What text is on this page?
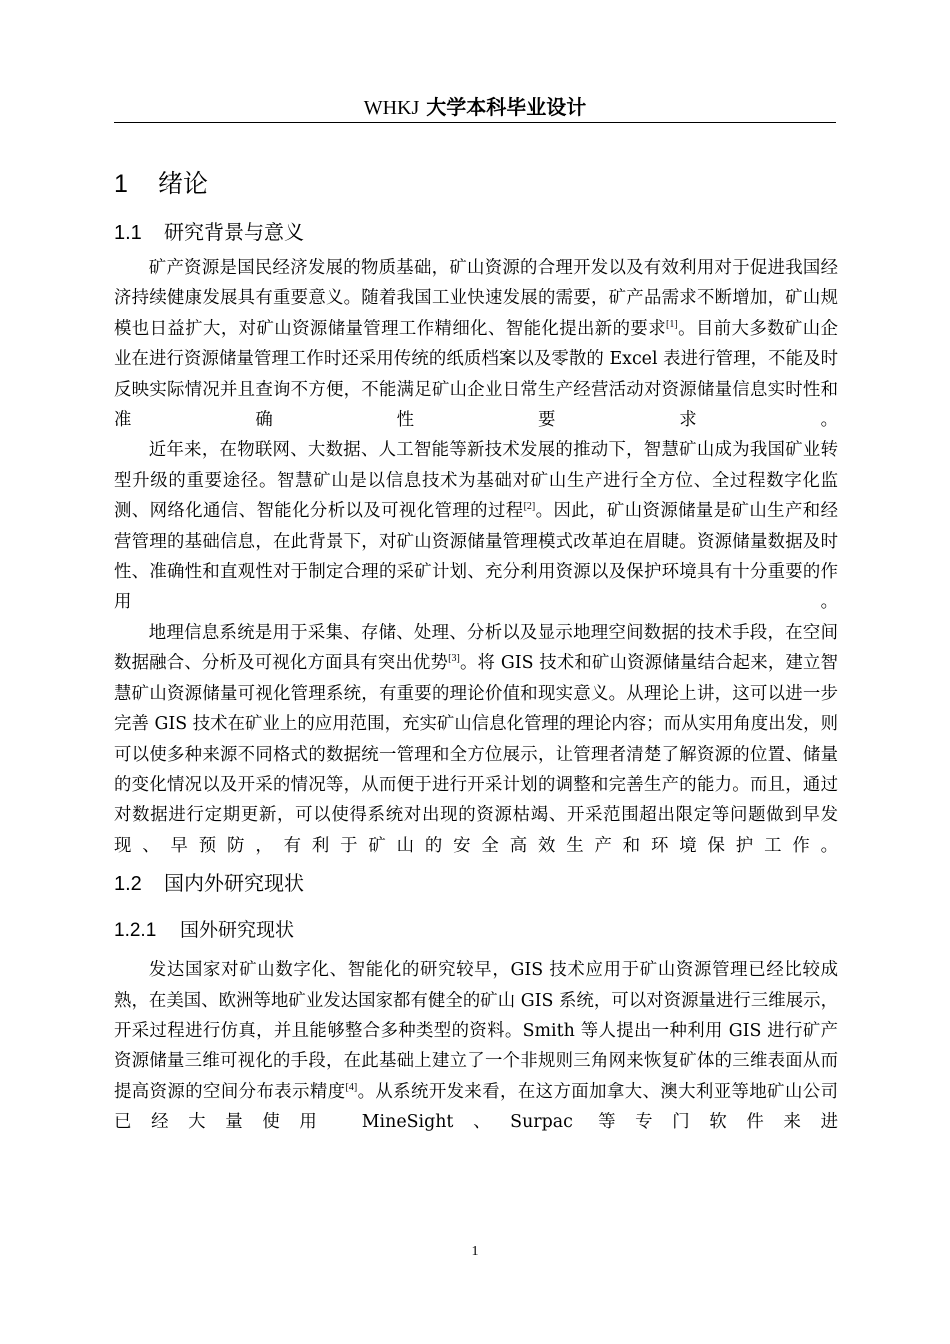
WHKJ 大学本科毕业设计
1 绪论
1.1 研究背景与意义

矿产资源是国民经济发展的物质基础，矿山资源的合理开发以及有效利用对于促进我国经济持续健康发展具有重要意义。随着我国工业快速发展的需要，矿产品需求不断增加，矿山规模也日益扩大，对矿山资源储量管理工作精细化、智能化提出新的要求[1]。目前大多数矿山企业在进行资源储量管理工作时还采用传统的纸质档案以及零散的 Excel 表进行管理，不能及时反映实际情况并且查询不方便，不能满足矿山企业日常生产经营活动对资源储量信息实时性和准确性要求。

近年来，在物联网、大数据、人工智能等新技术发展的推动下，智慧矿山成为我国矿业转型升级的重要途径。智慧矿山是以信息技术为基础对矿山生产进行全方位、全过程数字化监测、网络化通信、智能化分析以及可视化管理的过程[2]。因此，矿山资源储量是矿山生产和经营管理的基础信息，在此背景下，对矿山资源储量管理模式改革迫在眉睫。资源储量数据及时性、准确性和直观性对于制定合理的采矿计划、充分利用资源以及保护环境具有十分重要的作用。

地理信息系统是用于采集、存储、处理、分析以及显示地理空间数据的技术手段，在空间数据融合、分析及可视化方面具有突出优势[3]。将 GIS 技术和矿山资源储量结合起来，建立智慧矿山资源储量可视化管理系统，有重要的理论价值和现实意义。从理论上讲，这可以进一步完善 GIS 技术在矿业上的应用范围，充实矿山信息化管理的理论内容；而从实用角度出发，则可以使多种来源不同格式的数据统一管理和全方位展示，让管理者清楚了解资源的位置、储量的变化情况以及开采的情况等，从而便于进行开采计划的调整和完善生产的能力。而且，通过对数据进行定期更新，可以使得系统对出现的资源枯竭、开采范围超出限定等问题做到早发现、早预防，有利于矿山的安全高效生产和环境保护工作。

1.2 国内外研究现状
1.2.1 国外研究现状

发达国家对矿山数字化、智能化的研究较早，GIS 技术应用于矿山资源管理已经比较成熟，在美国、欧洲等地矿业发达国家都有健全的矿山 GIS 系统，可以对资源量进行三维展示，开采过程进行仿真，并且能够整合多种类型的资料。Smith 等人提出一种利用 GIS 进行矿产资源储量三维可视化的手段，在此基础上建立了一个非规则三角网来恢复矿体的三维表面从而提高资源的空间分布表示精度[4]。从系统开发来看，在这方面加拿大、澳大利亚等地矿山公司已经大量使用 MineSight、Surpac 等专门软件来进

1
